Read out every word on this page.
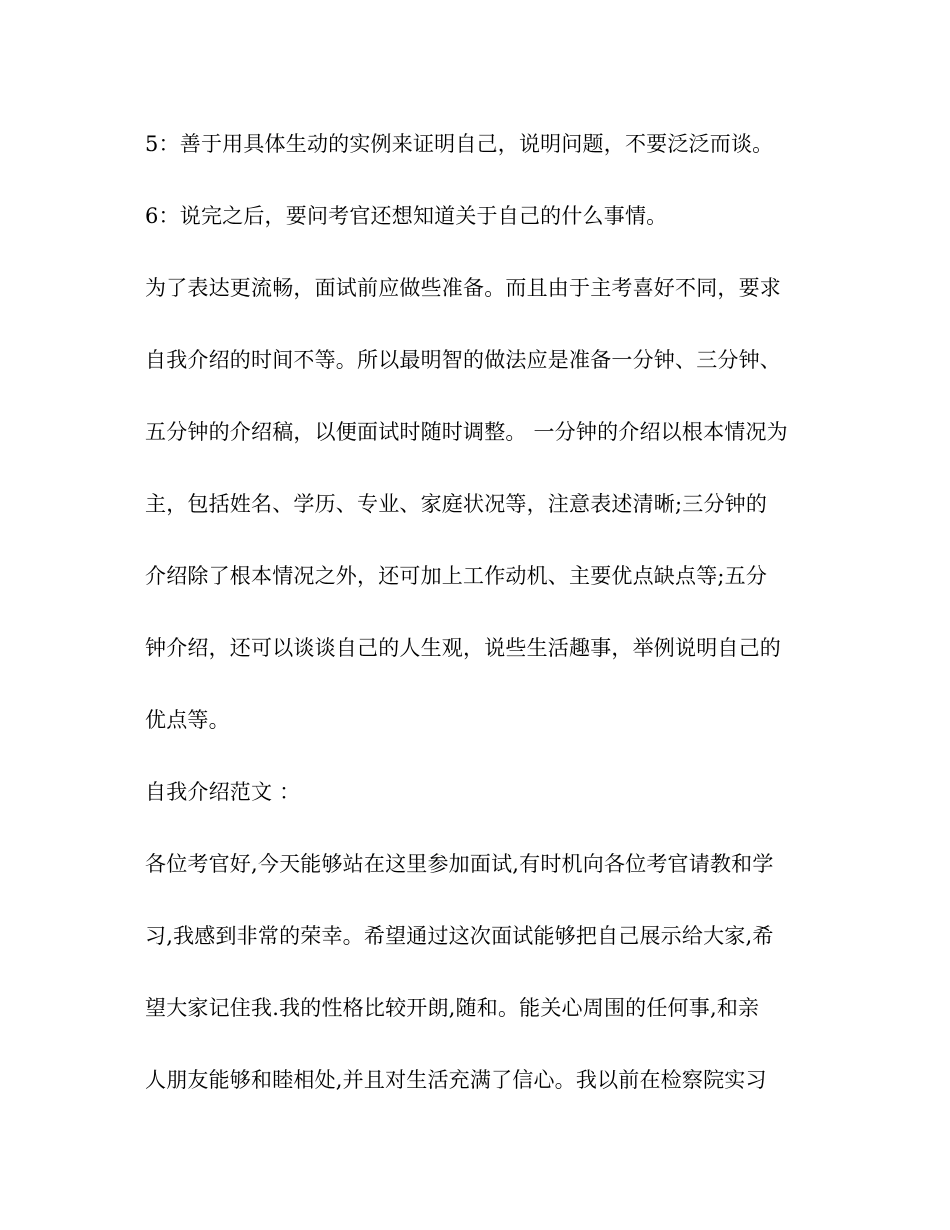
5：善于用具体生动的实例来证明自己，说明问题，不要泛泛而谈。
6：说完之后，要问考官还想知道关于自己的什么事情。
为了表达更流畅，面试前应做些准备。而且由于主考喜好不同，要求
自我介绍的时间不等。所以最明智的做法应是准备一分钟、三分钟、
五分钟的介绍稿，以便面试时随时调整。 一分钟的介绍以根本情况为
主，包括姓名、学历、专业、家庭状况等，注意表述清晰;三分钟的
介绍除了根本情况之外，还可加上工作动机、主要优点缺点等;五分
钟介绍，还可以谈谈自己的人生观，说些生活趣事，举例说明自己的
优点等。
自我介绍范文 ：
各位考官好,今天能够站在这里参加面试,有时机向各位考官请教和学
习,我感到非常的荣幸。希望通过这次面试能够把自己展示给大家,希
望大家记住我.我的性格比较开朗,随和。能关心周围的任何事,和亲
人朋友能够和睦相处,并且对生活充满了信心。我以前在检察院实习
